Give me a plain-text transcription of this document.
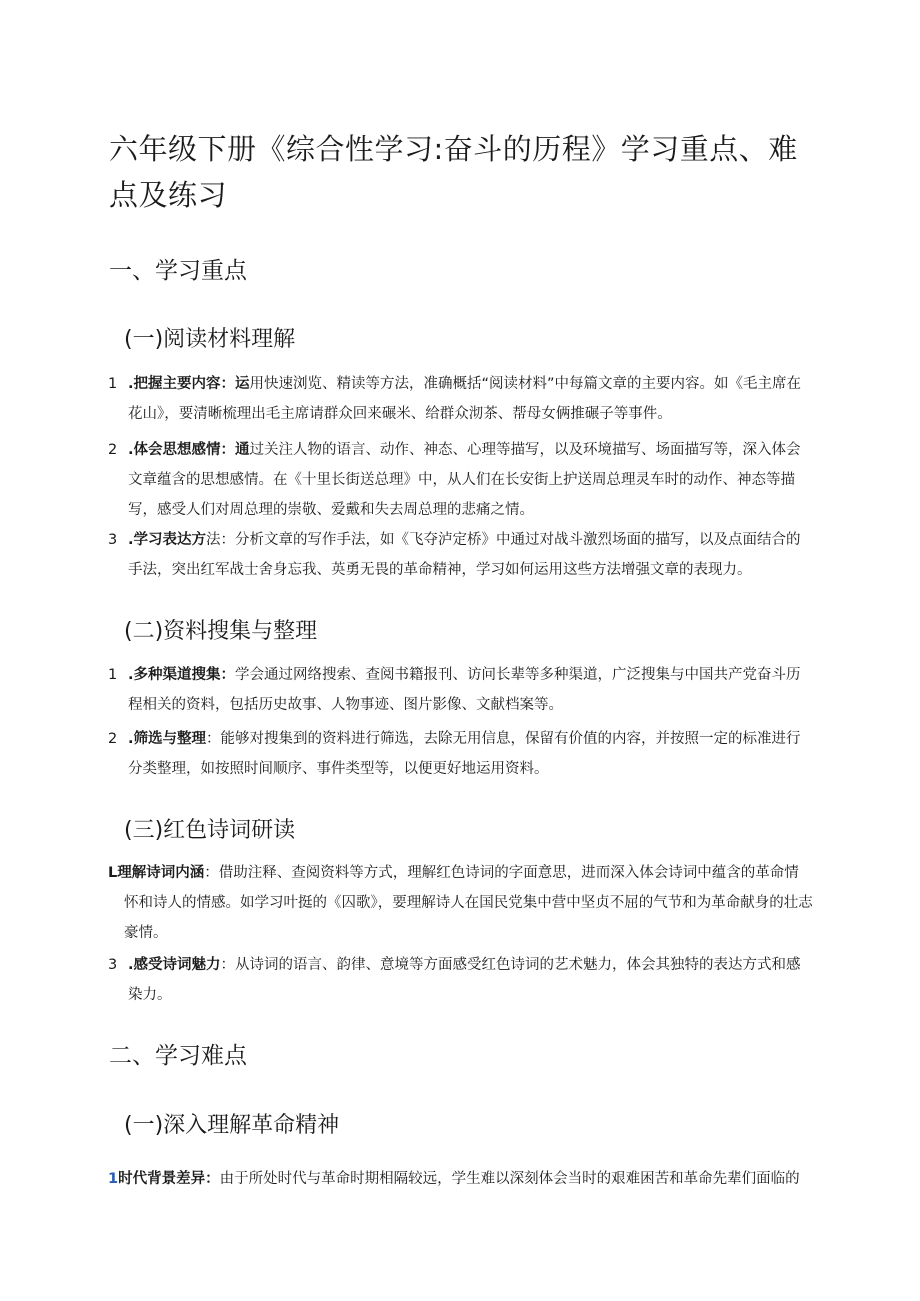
六年级下册《综合性学习:奋斗的历程》学习重点、难点及练习
一、学习重点
(一)阅读材料理解
1 .把握主要内容：运用快速浏览、精读等方法，准确概括“阅读材料”中每篇文章的主要内容。如《毛主席在花山》，要清晰梳理出毛主席请群众回来碾米、给群众沏茶、帮母女俩推碾子等事件。
2 .体会思想感情：通过关注人物的语言、动作、神态、心理等描写，以及环境描写、场面描写等，深入体会文章蕴含的思想感情。在《十里长街送总理》中，从人们在长安街上护送周总理灵车时的动作、神态等描写，感受人们对周总理的崇敬、爱戴和失去周总理的悲痛之情。
3 .学习表达方法：分析文章的写作手法，如《飞夺泸定桥》中通过对战斗激烈场面的描写，以及点面结合的手法，突出红军战士舍身忘我、英勇无畏的革命精神，学习如何运用这些方法增强文章的表现力。
(二)资料搜集与整理
1 .多种渠道搜集：学会通过网络搜索、查阅书籍报刊、访问长辈等多种渠道，广泛搜集与中国共产党奋斗历程相关的资料，包括历史故事、人物事迹、图片影像、文献档案等。
2 .筛选与整理：能够对搜集到的资料进行筛选，去除无用信息，保留有价值的内容，并按照一定的标准进行分类整理，如按照时间顺序、事件类型等，以便更好地运用资料。
(三)红色诗词研读
L理解诗词内涵：借助注释、查阅资料等方式，理解红色诗词的字面意思，进而深入体会诗词中蕴含的革命情怀和诗人的情感。如学习叶挺的《囚歌》，要理解诗人在国民党集中营中坚贞不屈的气节和为革命献身的壮志豪情。
3 .感受诗词魅力：从诗词的语言、韵律、意境等方面感受红色诗词的艺术魅力，体会其独特的表达方式和感染力。
二、学习难点
(一)深入理解革命精神
1时代背景差异：由于所处时代与革命时期相隔较远，学生难以深刻体会当时的艰难困苦和革命先辈们面临的
